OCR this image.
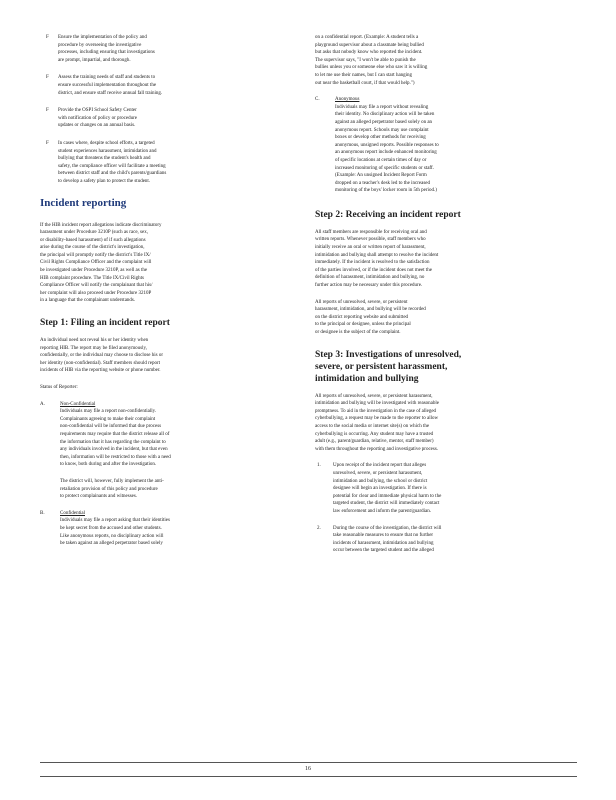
F Ensure the implementation of the policy and
procedure by overseeing the investigative
processes, including ensuring that investigations
are prompt, impartial, and thorough.
F Assess the training needs of staff and students to
ensure successful implementation throughout the
district, and ensure staff receive annual fall training.
F Provide the OSPI School Safety Center
with notification of policy or procedure
updates or changes on an annual basis.
F In cases where, despite school efforts, a targeted
student experiences harassment, intimidation and
bullying that threatens the student's health and
safety, the compliance officer will facilitate a meeting
between district staff and the child's parents/guardians
to develop a safety plan to protect the student.
Incident reporting
If the HIB incident report allegations indicate discriminatory
harassment under Procedure 3210P (such as race, sex,
or disability-based harassment) of if such allegations
arise during the course of the district's investigation,
the principal will promptly notify the district's Title IX/
Civil Rights Compliance Officer and the complaint will
be investigated under Procedure 3210P, as well as the
HIB complaint procedure. The Title IX/Civil Rights
Compliance Officer will notify the complainant that his/
her complaint will also proceed under Procedure 3210P
in a language that the complainant understands.
Step 1: Filing an incident report
An individual need not reveal his or her identity when
reporting HIB. The report may be filed anonymously,
confidentially, or the individual may choose to disclose his or
her identity (non-confidential). Staff members should report
incidents of HIB via the reporting website or phone number.
Status of Reporter:
A.	Non-Confidential
Individuals may file a report non-confidentially.
Complainants agreeing to make their complaint
non-confidential will be informed that due process
requirements may require that the district release all of
the information that it has regarding the complaint to
any individuals involved in the incident, but that even
then, information will be restricted to those with a need
to know, both during and after the investigation.
The district will, however, fully implement the anti-
retaliation provision of this policy and procedure
to protect complainants and witnesses.
B.	Confidential
Individuals may file a report asking that their identities
be kept secret from the accused and other students.
Like anonymous reports, no disciplinary action will
be taken against an alleged perpetrator based solely
on a confidential report. (Example: A student tells a
playground supervisor about a classmate being bullied
but asks that nobody know who reported the incident.
The supervisor says, "I won't be able to punish the
bullies unless you or someone else who saw it is willing
to let me use their names, but I can start hanging
out near the basketball court, if that would help.")
C.	Anonymous
Individuals may file a report without revealing
their identity. No disciplinary action will be taken
against an alleged perpetrator based solely on an
anonymous report. Schools may use complaint
boxes or develop other methods for receiving
anonymous, unsigned reports. Possible responses to
an anonymous report include enhanced monitoring
of specific locations at certain times of day or
increased monitoring of specific students or staff.
(Example: An unsigned Incident Report Form
dropped on a teacher's desk led to the increased
monitoring of the boys' locker room in 5th period.)
Step 2: Receiving an incident report
All staff members are responsible for receiving oral and
written reports. Whenever possible, staff members who
initially receive an oral or written report of harassment,
intimidation and bullying shall attempt to resolve the incident
immediately. If the incident is resolved to the satisfaction
of the parties involved, or if the incident does not meet the
definition of harassment, intimidation and bullying, no
further action may be necessary under this procedure.
All reports of unresolved, severe, or persistent
harassment, intimidation, and bullying will be recorded
on the district reporting website and submitted
to the principal or designee, unless the principal
or designee is the subject of the complaint.
Step 3: Investigations of unresolved,
severe, or persistent harassment,
intimidation and bullying
All reports of unresolved, severe, or persistent harassment,
intimidation and bullying will be investigated with reasonable
promptness. To aid in the investigation in the case of alleged
cyberbullying, a request may be made to the reporter to allow
access to the social media or internet site(s) on which the
cyberbullying is occurring. Any student may have a trusted
adult (e.g., parent/guardian, relative, mentor, staff member)
with them throughout the reporting and investigative process.
1. Upon receipt of the incident report that alleges
unresolved, severe, or persistent harassment,
intimidation and bullying, the school or district
designee will begin an investigation. If there is
potential for clear and immediate physical harm to the
targeted student, the district will immediately contact
law enforcement and inform the parent/guardian.
2. During the course of the investigation, the district will
take reasonable measures to ensure that no further
incidents of harassment, intimidation and bullying
occur between the targeted student and the alleged
16
